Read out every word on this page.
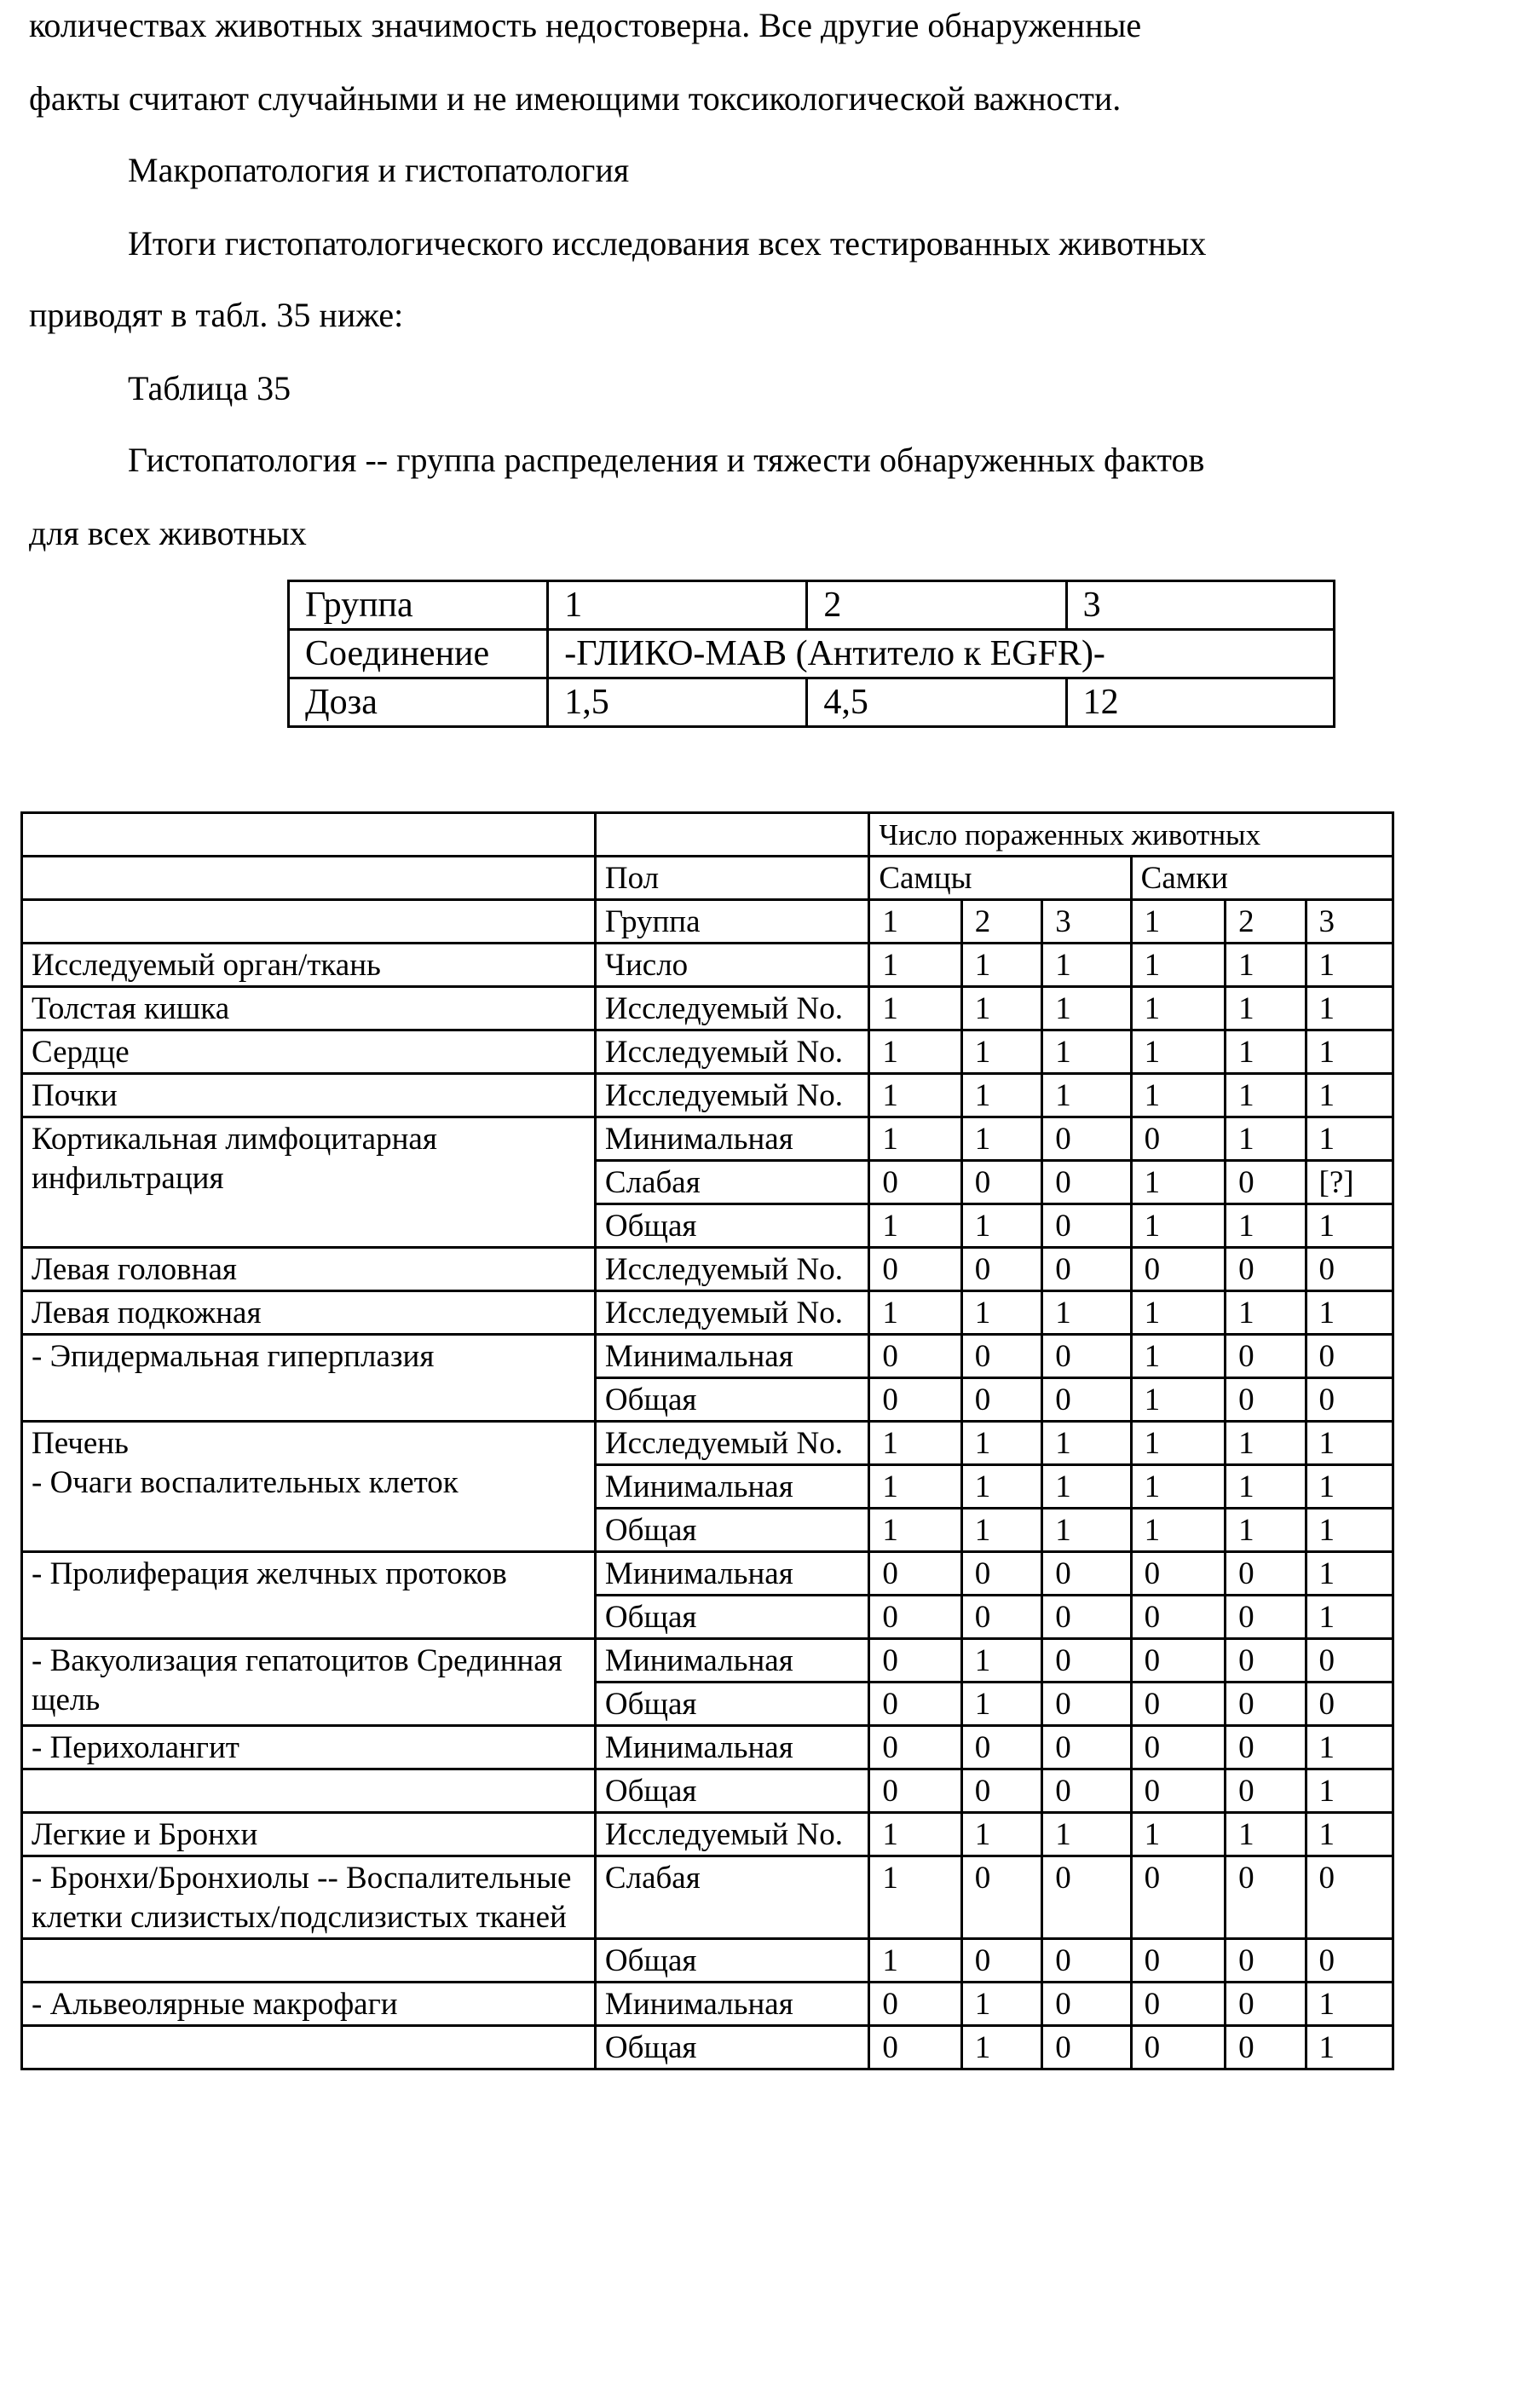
количествах животных значимость недостоверна. Все другие обнаруженные
факты считают случайными и не имеющими токсикологической важности.
Макропатология и гистопатология
Итоги гистопатологического исследования всех тестированных животных
приводят в табл. 35 ниже:
Таблица 35
Гистопатология -- группа распределения и тяжести обнаруженных фактов
для всех животных
Группа	1	2	3
Соединение	-ГЛИКО-МАВ (Антитело к EGFR)-		
Доза	1,5	4,5	12
		Число пораженных животных					
	Пол	Самцы			Самки		
	Группа	1	2	3	1	2	3
Исследуемый орган/ткань	Число	1	1	1	1	1	1
Толстая кишка	Исследуемый No.	1	1	1	1	1	1
Сердце	Исследуемый No.	1	1	1	1	1	1
Почки	Исследуемый No.	1	1	1	1	1	1
Кортикальная лимфоцитарная инфильтрация	Минимальная	1	1	0	0	1	1
	Слабая	0	0	0	1	0	[?]
	Общая	1	1	0	1	1	1
Левая головная	Исследуемый No.	0	0	0	0	0	0
Левая подкожная	Исследуемый No.	1	1	1	1	1	1
- Эпидермальная гиперплазия	Минимальная	0	0	0	1	0	0
	Общая	0	0	0	1	0	0
Печень
- Очаги воспалительных клеток	Исследуемый No.	1	1	1	1	1	1
	Минимальная	1	1	1	1	1	1
	Общая	1	1	1	1	1	1
- Пролиферация желчных протоков	Минимальная	0	0	0	0	0	1
	Общая	0	0	0	0	0	1
- Вакуолизация гепатоцитов Срединная щель	Минимальная	0	1	0	0	0	0
	Общая	0	1	0	0	0	0
- Перихолангит	Минимальная	0	0	0	0	0	1
	Общая	0	0	0	0	0	1
Легкие и Бронхи	Исследуемый No.	1	1	1	1	1	1
- Бронхи/Бронхиолы -- Воспалительные клетки слизистых/подслизистых тканей	Слабая	1	0	0	0	0	0
	Общая	1	0	0	0	0	0
- Альвеолярные макрофаги	Минимальная	0	1	0	0	0	1
	Общая	0	1	0	0	0	1
